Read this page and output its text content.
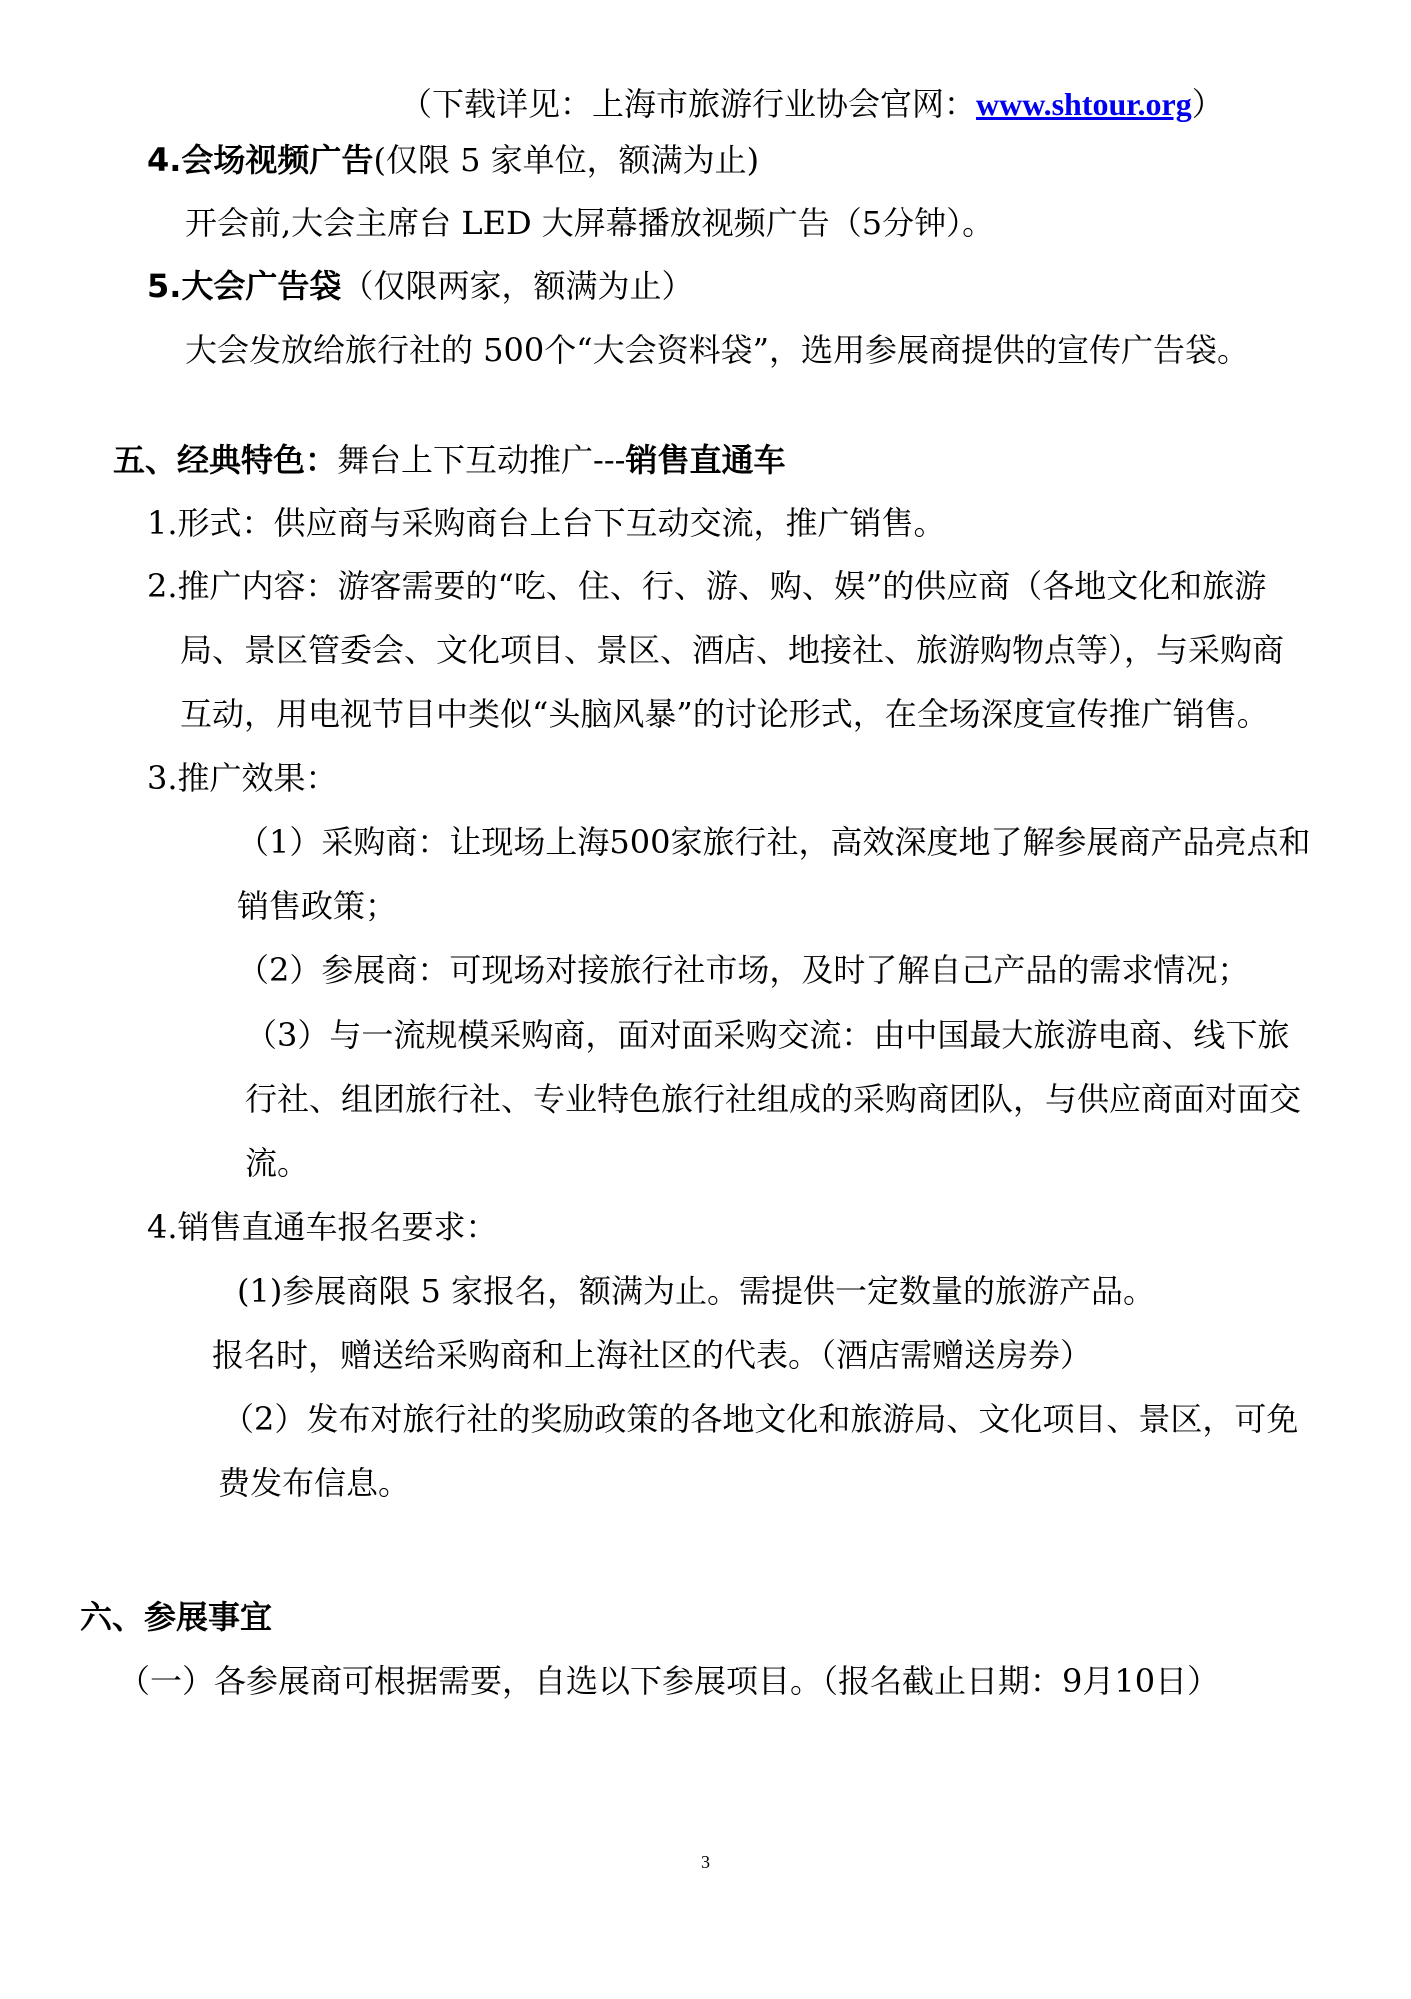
（下载详见：上海市旅游行业协会官网：www.shtour.org）
4.会场视频广告(仅限 5 家单位，额满为止)
开会前,大会主席台 LED 大屏幕播放视频广告（5分钟）。
5.大会广告袋（仅限两家，额满为止）
大会发放给旅行社的 500个“大会资料袋”，选用参展商提供的宣传广告袋。
五、经典特色：舞台上下互动推广---销售直通车
1.形式：供应商与采购商台上台下互动交流，推广销售。
2.推广内容：游客需要的“吃、住、行、游、购、娱”的供应商（各地文化和旅游
局、景区管委会、文化项目、景区、酒店、地接社、旅游购物点等），与采购商
互动，用电视节目中类似“头脑风暴”的讨论形式，在全场深度宣传推广销售。
3.推广效果：
（1）采购商：让现场上海500家旅行社，高效深度地了解参展商产品亮点和
销售政策；
（2）参展商：可现场对接旅行社市场，及时了解自己产品的需求情况；
（3）与一流规模采购商，面对面采购交流：由中国最大旅游电商、线下旅
行社、组团旅行社、专业特色旅行社组成的采购商团队，与供应商面对面交
流。
4.销售直通车报名要求：
(1)参展商限 5 家报名，额满为止。需提供一定数量的旅游产品。
报名时，赠送给采购商和上海社区的代表。（酒店需赠送房券）
（2）发布对旅行社的奖励政策的各地文化和旅游局、文化项目、景区，可免
费发布信息。
六、参展事宜
（一）各参展商可根据需要，自选以下参展项目。（报名截止日期：9月10日）
3
